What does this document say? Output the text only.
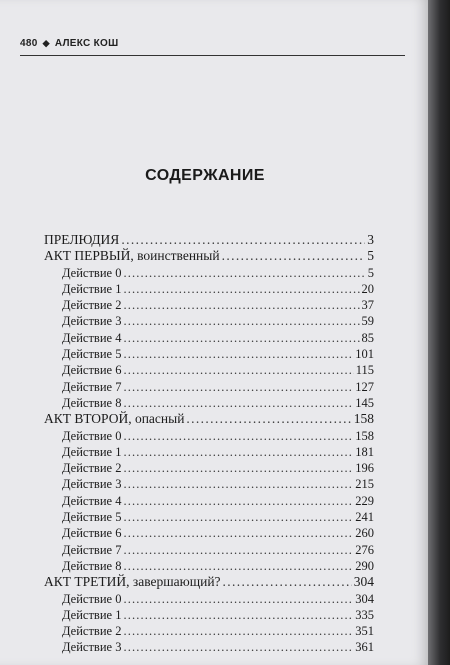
480 ◆ АЛЕКС КОШ
СОДЕРЖАНИЕ
ПРЕЛЮДИЯ . . .	3
АКТ ПЕРВЫЙ, воинственный . . .	5
Действие 0 . . .	5
Действие 1 . . .	20
Действие 2 . . .	37
Действие 3 . . .	59
Действие 4 . . .	85
Действие 5 . . .	101
Действие 6 . . .	115
Действие 7 . . .	127
Действие 8 . . .	145
АКТ ВТОРОЙ, опасный . . .	158
Действие 0 . . .	158
Действие 1 . . .	181
Действие 2 . . .	196
Действие 3 . . .	215
Действие 4 . . .	229
Действие 5 . . .	241
Действие 6 . . .	260
Действие 7 . . .	276
Действие 8 . . .	290
АКТ ТРЕТИЙ, завершающий? . . .	304
Действие 0 . . .	304
Действие 1 . . .	335
Действие 2 . . .	351
Действие 3 . . .	361
